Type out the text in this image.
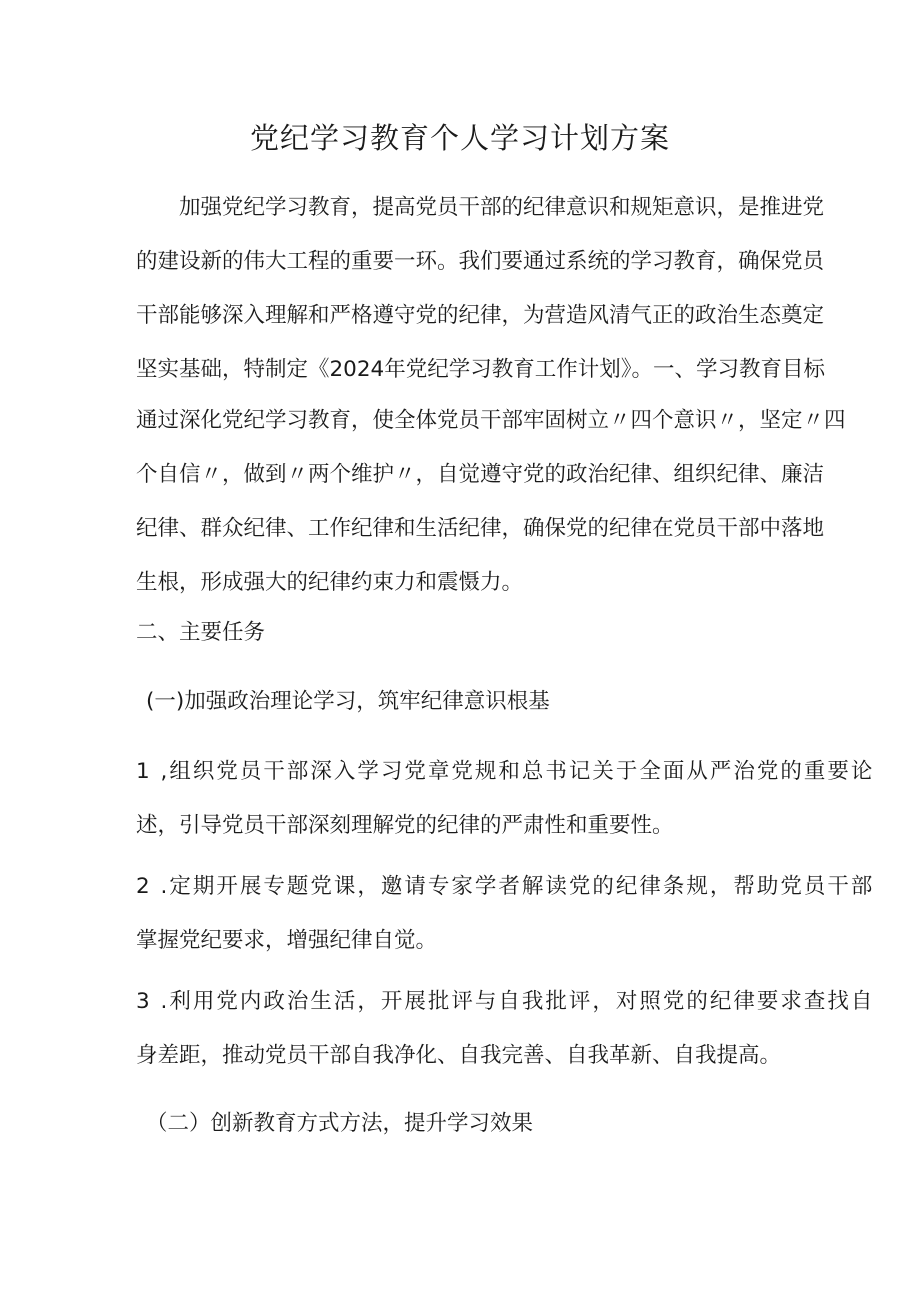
党纪学习教育个人学习计划方案

加强党纪学习教育，提高党员干部的纪律意识和规矩意识，是推进党
的建设新的伟大工程的重要一环。我们要通过系统的学习教育，确保党员
干部能够深入理解和严格遵守党的纪律，为营造风清气正的政治生态奠定
坚实基础，特制定《2024年党纪学习教育工作计划》。一、学习教育目标

通过深化党纪学习教育，使全体党员干部牢固树立〃四个意识〃，坚定〃四
个自信〃，做到〃两个维护〃，自觉遵守党的政治纪律、组织纪律、廉洁
纪律、群众纪律、工作纪律和生活纪律，确保党的纪律在党员干部中落地
生根，形成强大的纪律约束力和震慑力。

二、主要任务

(一)加强政治理论学习，筑牢纪律意识根基

1 ,组织党员干部深入学习党章党规和总书记关于全面从严治党的重要论
述，引导党员干部深刻理解党的纪律的严肃性和重要性。

2 .定期开展专题党课，邀请专家学者解读党的纪律条规，帮助党员干部
掌握党纪要求，增强纪律自觉。

3 .利用党内政治生活，开展批评与自我批评，对照党的纪律要求查找自
身差距，推动党员干部自我净化、自我完善、自我革新、自我提高。

（二）创新教育方式方法，提升学习效果
